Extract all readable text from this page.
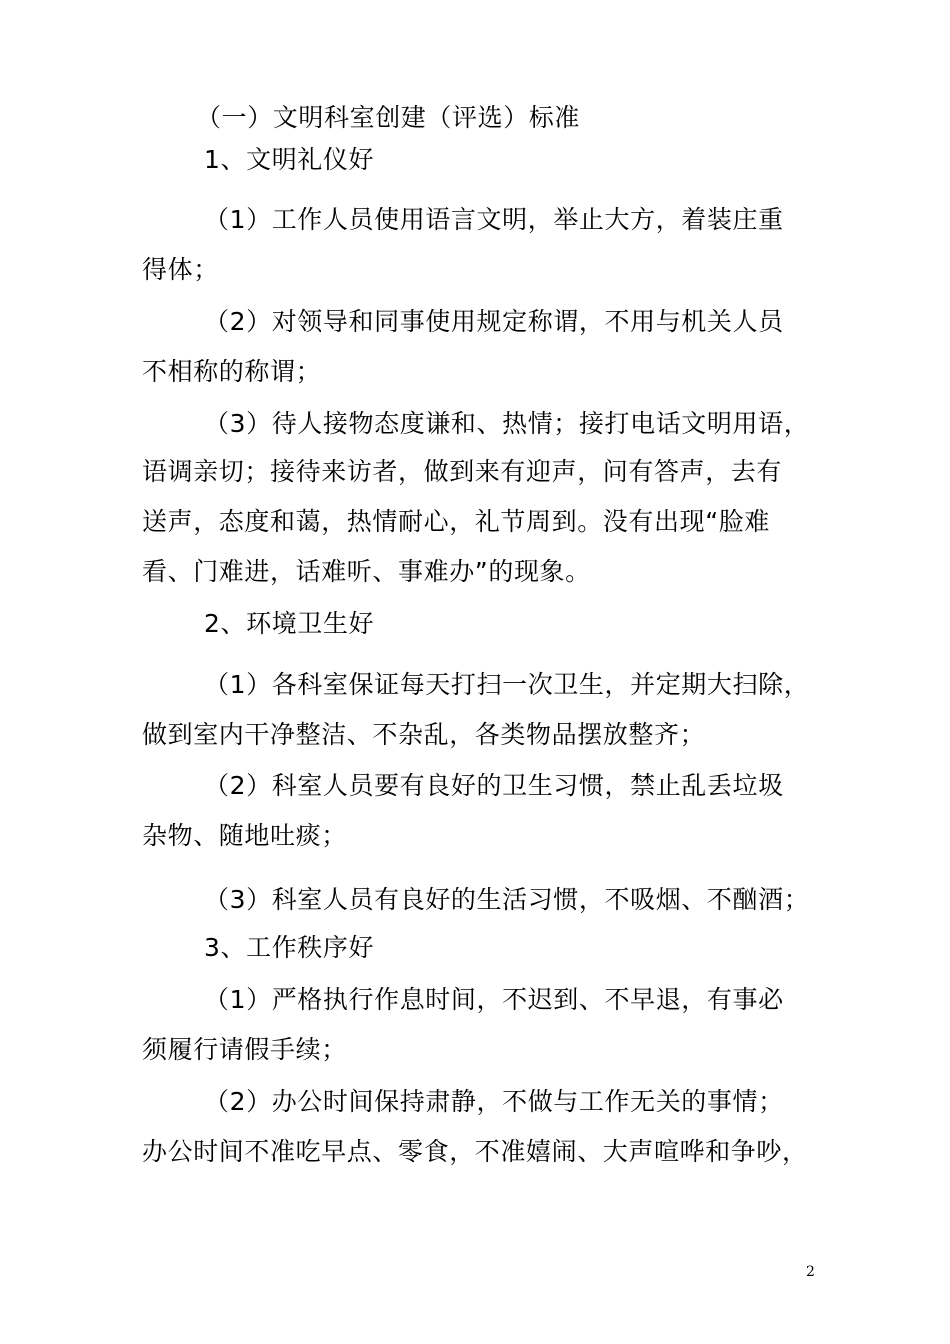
（一）文明科室创建（评选）标准
1、文明礼仪好
（1）工作人员使用语言文明，举止大方，着装庄重
得体；
（2）对领导和同事使用规定称谓，不用与机关人员
不相称的称谓；
（3）待人接物态度谦和、热情；接打电话文明用语，
语调亲切；接待来访者，做到来有迎声，问有答声，去有
送声，态度和蔼，热情耐心，礼节周到。没有出现“脸难
看、门难进，话难听、事难办”的现象。
2、环境卫生好
（1）各科室保证每天打扫一次卫生，并定期大扫除，
做到室内干净整洁、不杂乱，各类物品摆放整齐；
（2）科室人员要有良好的卫生习惯，禁止乱丢垃圾
杂物、随地吐痰；
（3）科室人员有良好的生活习惯，不吸烟、不酗酒；
3、工作秩序好
（1）严格执行作息时间，不迟到、不早退，有事必
须履行请假手续；
（2）办公时间保持肃静，不做与工作无关的事情；
办公时间不准吃早点、零食，不准嬉闹、大声喧哗和争吵，
2
